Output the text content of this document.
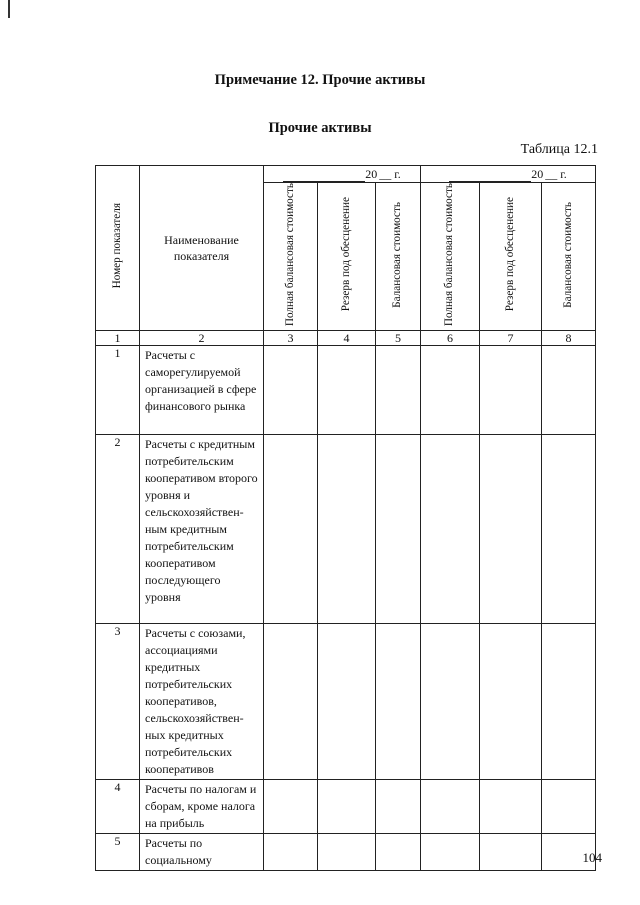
Примечание 12. Прочие активы
Прочие активы
Таблица 12.1
Номер показателя	Наименование показателя	20 __ г.			20 __ г.		
		Полная балансовая стоимость	Резерв под обесценение	Балансовая стоимость	Полная балансовая стоимость	Резерв под обесценение	Балансовая стоимость
1	2	3	4	5	6	7	8
1	Расчеты с саморегулируемой организацией в сфере финансового рынка						
2	Расчеты с кредитным потребительским кооперативом второго уровня и сельскохозяйствен-ным кредитным потребительским кооперативом последующего уровня						
3	Расчеты с союзами, ассоциациями кредитных потребительских кооперативов, сельскохозяйствен-ных кредитных потребительских кооперативов						
4	Расчеты по налогам и сборам, кроме налога на прибыль						
5	Расчеты по социальному							104
